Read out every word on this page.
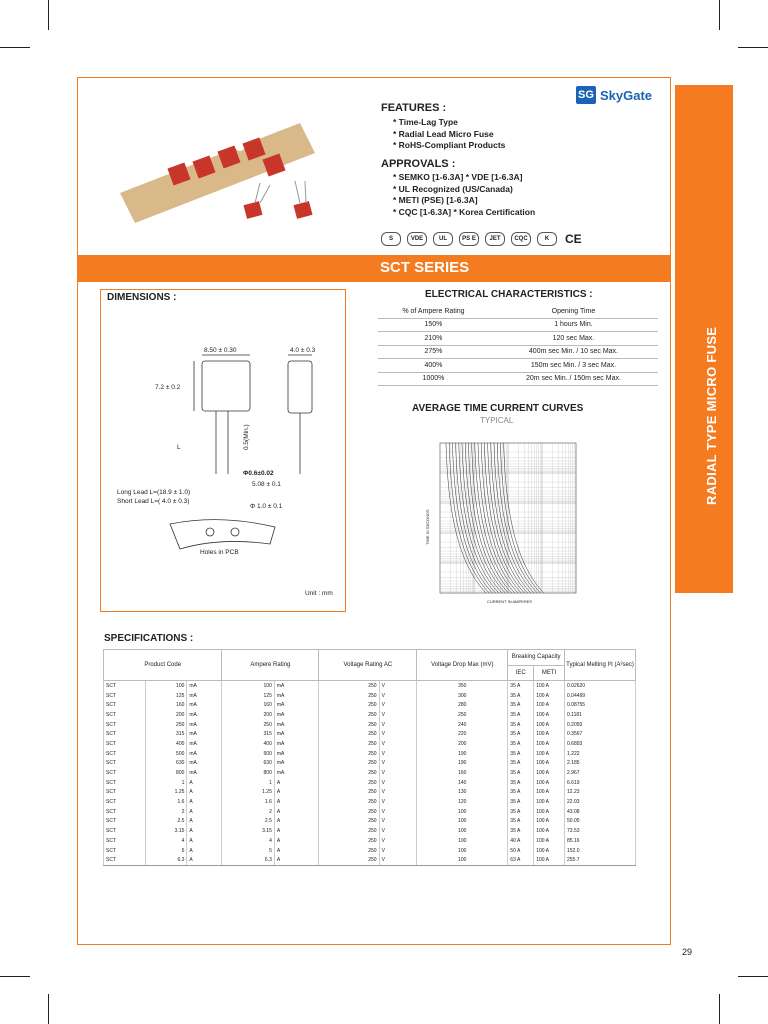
RADIAL TYPE MICRO FUSE
SG SkyGate
FEATURES :
* Time-Lag Type
* Radial Lead Micro Fuse
* RoHS-Compliant Products
APPROVALS :
* SEMKO [1-6.3A] * VDE [1-6.3A]
* UL Recognized (US/Canada)
* METI (PSE) [1-6.3A]
* CQC [1-6.3A] * Korea Certification
S	VDE	UL	PS E	JET	CQC	K	CE
SCT SERIES
DIMENSIONS :
8.50 ± 0.30	4.0 ± 0.3
7.2 ± 0.2
L	0.5(Min.)
Φ0.6±0.02
5.08 ± 0.1
Long Lead L=(18.9 ± 1.0)
Short Lead L=( 4.0 ± 0.3)
Φ 1.0 ± 0.1
Holes in PCB
Unit : mm
ELECTRICAL CHARACTERISTICS :
% of Ampere Rating	Opening Time
150%	1 hours Min.
210%	120 sec Max.
275%	400m sec Min. / 10 sec Max.
400%	150m sec Min. / 3 sec Max.
1000%	20m sec Min. / 150m sec Max.
AVERAGE TIME CURRENT CURVES
TYPICAL
CURRENT IN AMPERES
TIME IN SECONDS
SPECIFICATIONS :
Product Code			Ampere Rating		Voltage Rating AC		Voltage Drop Max (mV)	Breaking Capacity		Typical Melting I²t (A²sec)
								IEC	METI	
SCT	100	mA	100	mA	250	V	350	35 A	100 A	0.02620
SCT	125	mA	125	mA	250	V	300	35 A	100 A	0.04499
SCT	160	mA	160	mA	250	V	280	35 A	100 A	0.08755
SCT	200	mA	200	mA	250	V	250	35 A	100 A	0.1181
SCT	250	mA	250	mA	250	V	240	35 A	100 A	0.2050
SCT	315	mA	315	mA	250	V	220	35 A	100 A	0.3567
SCT	400	mA	400	mA	250	V	200	35 A	100 A	0.6893
SCT	500	mA	500	mA	250	V	190	35 A	100 A	1.222
SCT	630	mA	630	mA	250	V	190	35 A	100 A	2.185
SCT	800	mA	800	mA	250	V	160	35 A	100 A	2.967
SCT	1	A	1	A	250	V	140	35 A	100 A	6.619
SCT	1.25	A	1.25	A	250	V	130	35 A	100 A	12.23
SCT	1.6	A	1.6	A	250	V	120	35 A	100 A	22.03
SCT	2	A	2	A	250	V	100	35 A	100 A	43.08
SCT	2.5	A	2.5	A	250	V	100	35 A	100 A	50.05
SCT	3.15	A	3.15	A	250	V	100	35 A	100 A	73.53
SCT	4	A	4	A	250	V	100	40 A	100 A	85.16
SCT	5	A	5	A	250	V	100	50 A	100 A	152.0
SCT	6.3	A	6.3	A	250	V	100	63 A	100 A	255.7
29
